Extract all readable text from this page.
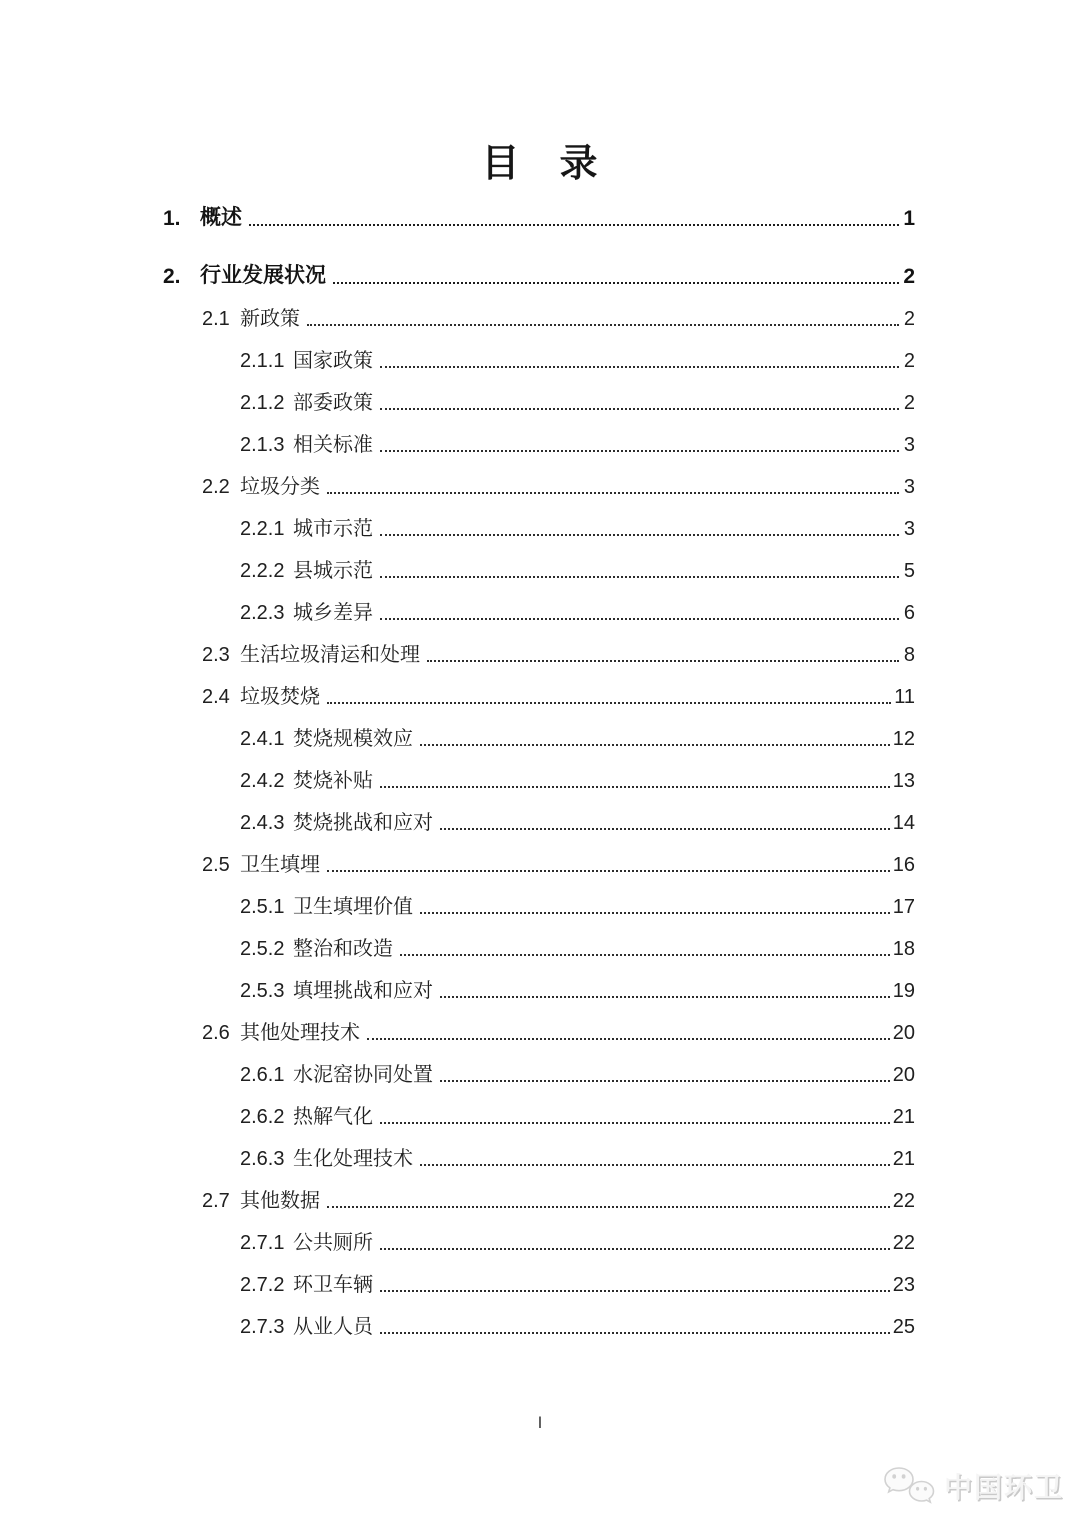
目　录
1. 概述	1
2. 行业发展状况	2
2.1 新政策	2
2.1.1 国家政策	2
2.1.2 部委政策	2
2.1.3 相关标准	3
2.2 垃圾分类	3
2.2.1 城市示范	3
2.2.2 县城示范	5
2.2.3 城乡差异	6
2.3 生活垃圾清运和处理	8
2.4 垃圾焚烧	11
2.4.1 焚烧规模效应	12
2.4.2 焚烧补贴	13
2.4.3 焚烧挑战和应对	14
2.5 卫生填埋	16
2.5.1 卫生填埋价值	17
2.5.2 整治和改造	18
2.5.3 填埋挑战和应对	19
2.6 其他处理技术	20
2.6.1 水泥窑协同处置	20
2.6.2 热解气化	21
2.6.3 生化处理技术	21
2.7 其他数据	22
2.7.1 公共厕所	22
2.7.2 环卫车辆	23
2.7.3 从业人员	25
I
中国环卫
